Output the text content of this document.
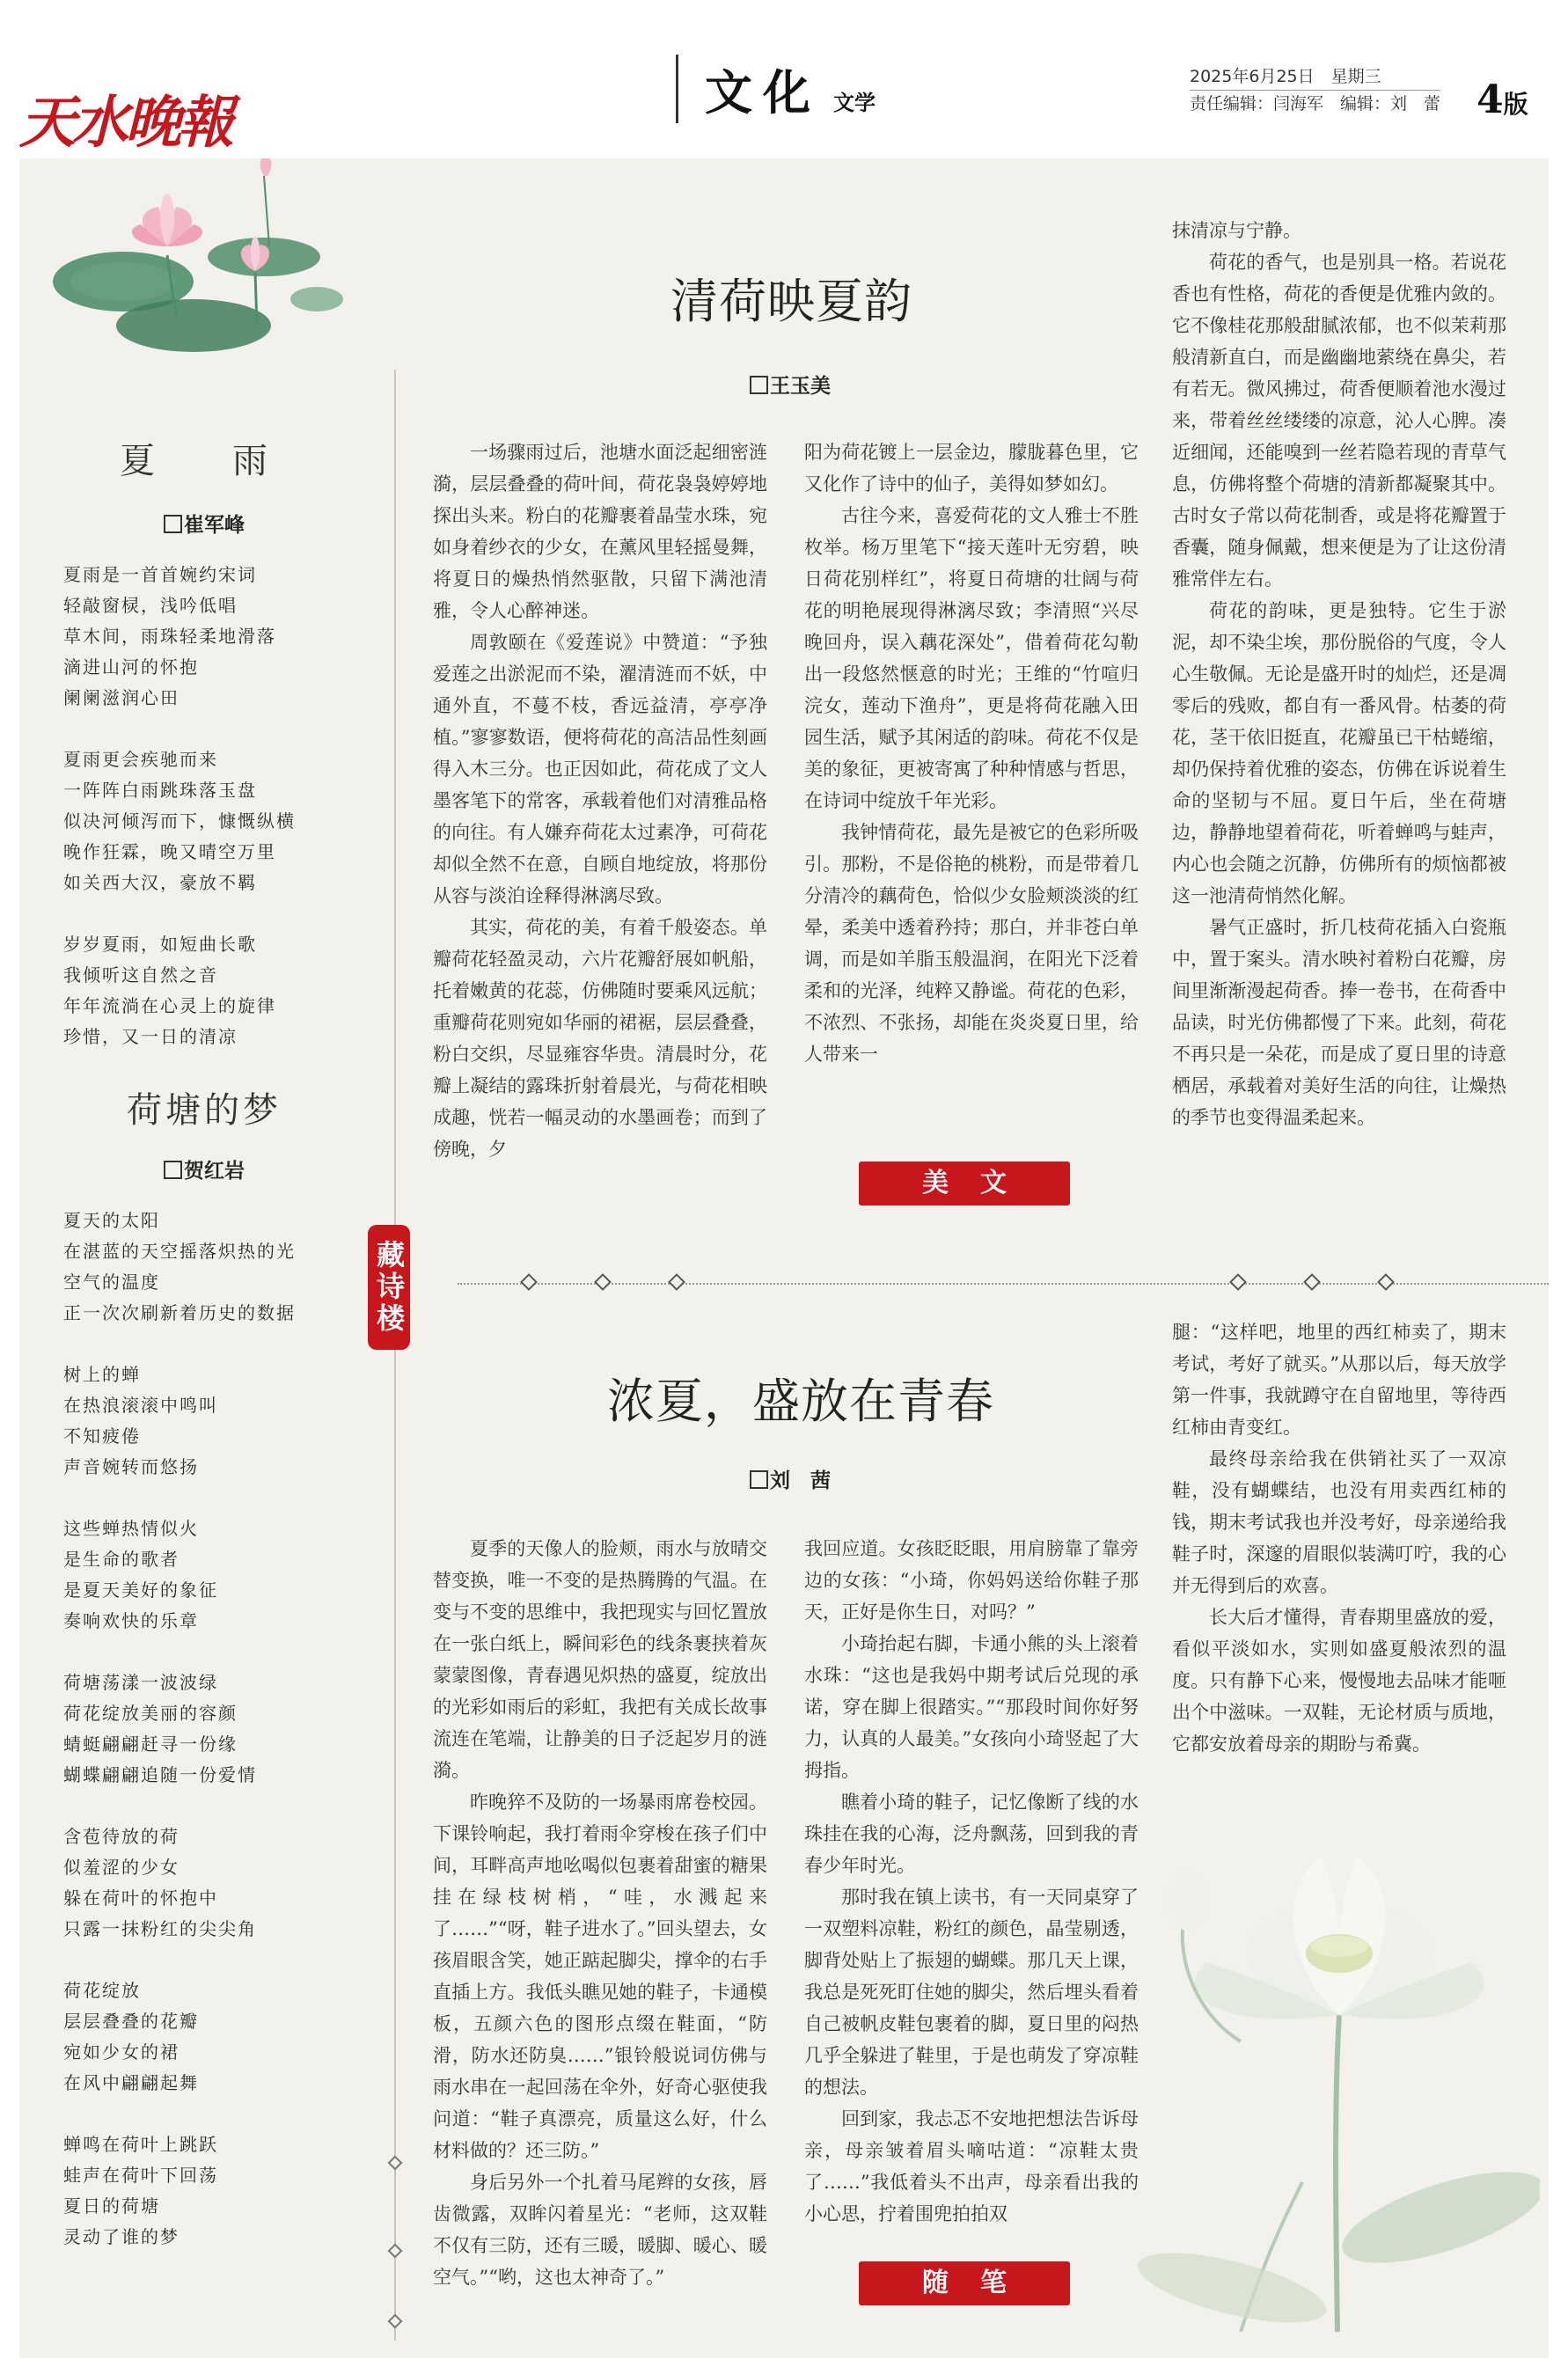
天水晚報	文化 文学
2025年6月25日　星期三
责任编辑：闫海军　编辑：刘　蕾 4版
夏　雨
崔军峰
夏雨是一首首婉约宋词
轻敲窗棂，浅吟低唱
草木间，雨珠轻柔地滑落
滴进山河的怀抱
阑阑滋润心田
夏雨更会疾驰而来
一阵阵白雨跳珠落玉盘
似决河倾泻而下，慷慨纵横
晚作狂霖，晚又晴空万里
如关西大汉，豪放不羁
岁岁夏雨，如短曲长歌
我倾听这自然之音
年年流淌在心灵上的旋律
珍惜，又一日的清凉
荷塘的梦
贺红岩
夏天的太阳
在湛蓝的天空摇落炽热的光
空气的温度
正一次次刷新着历史的数据
树上的蝉
在热浪滚滚中鸣叫
不知疲倦
声音婉转而悠扬
这些蝉热情似火
是生命的歌者
是夏天美好的象征
奏响欢快的乐章
荷塘荡漾一波波绿
荷花绽放美丽的容颜
蜻蜓翩翩赶寻一份缘
蝴蝶翩翩追随一份爱情
含苞待放的荷
似羞涩的少女
躲在荷叶的怀抱中
只露一抹粉红的尖尖角
荷花绽放
层层叠叠的花瓣
宛如少女的裙
在风中翩翩起舞
蝉鸣在荷叶上跳跃
蛙声在荷叶下回荡
夏日的荷塘
灵动了谁的梦
藏诗楼
清荷映夏韵
王玉美

一场骤雨过后，池塘水面泛起细密涟漪，层层叠叠的荷叶间，荷花袅袅婷婷地探出头来。粉白的花瓣裹着晶莹水珠，宛如身着纱衣的少女，在薰风里轻摇曼舞，将夏日的燥热悄然驱散，只留下满池清雅，令人心醉神迷。

周敦颐在《爱莲说》中赞道：“予独爱莲之出淤泥而不染，濯清涟而不妖，中通外直，不蔓不枝，香远益清，亭亭净植。”寥寥数语，便将荷花的高洁品性刻画得入木三分。也正因如此，荷花成了文人墨客笔下的常客，承载着他们对清雅品格的向往。有人嫌弃荷花太过素净，可荷花却似全然不在意，自顾自地绽放，将那份从容与淡泊诠释得淋漓尽致。

其实，荷花的美，有着千般姿态。单瓣荷花轻盈灵动，六片花瓣舒展如帆船，托着嫩黄的花蕊，仿佛随时要乘风远航；重瓣荷花则宛如华丽的裙裾，层层叠叠，粉白交织，尽显雍容华贵。清晨时分，花瓣上凝结的露珠折射着晨光，与荷花相映成趣，恍若一幅灵动的水墨画卷；而到了傍晚，夕

阳为荷花镀上一层金边，朦胧暮色里，它又化作了诗中的仙子，美得如梦如幻。

古往今来，喜爱荷花的文人雅士不胜枚举。杨万里笔下“接天莲叶无穷碧，映日荷花别样红”，将夏日荷塘的壮阔与荷花的明艳展现得淋漓尽致；李清照“兴尽晚回舟，误入藕花深处”，借着荷花勾勒出一段悠然惬意的时光；王维的“竹喧归浣女，莲动下渔舟”，更是将荷花融入田园生活，赋予其闲适的韵味。荷花不仅是美的象征，更被寄寓了种种情感与哲思，在诗词中绽放千年光彩。

我钟情荷花，最先是被它的色彩所吸引。那粉，不是俗艳的桃粉，而是带着几分清冷的藕荷色，恰似少女脸颊淡淡的红晕，柔美中透着矜持；那白，并非苍白单调，而是如羊脂玉般温润，在阳光下泛着柔和的光泽，纯粹又静谧。荷花的色彩，不浓烈、不张扬，却能在炎炎夏日里，给人带来一

抹清凉与宁静。

荷花的香气，也是别具一格。若说花香也有性格，荷花的香便是优雅内敛的。它不像桂花那般甜腻浓郁，也不似茉莉那般清新直白，而是幽幽地萦绕在鼻尖，若有若无。微风拂过，荷香便顺着池水漫过来，带着丝丝缕缕的凉意，沁人心脾。凑近细闻，还能嗅到一丝若隐若现的青草气息，仿佛将整个荷塘的清新都凝聚其中。古时女子常以荷花制香，或是将花瓣置于香囊，随身佩戴，想来便是为了让这份清雅常伴左右。

荷花的韵味，更是独特。它生于淤泥，却不染尘埃，那份脱俗的气度，令人心生敬佩。无论是盛开时的灿烂，还是凋零后的残败，都自有一番风骨。枯萎的荷花，茎干依旧挺直，花瓣虽已干枯蜷缩，却仍保持着优雅的姿态，仿佛在诉说着生命的坚韧与不屈。夏日午后，坐在荷塘边，静静地望着荷花，听着蝉鸣与蛙声，内心也会随之沉静，仿佛所有的烦恼都被这一池清荷悄然化解。

暑气正盛时，折几枝荷花插入白瓷瓶中，置于案头。清水映衬着粉白花瓣，房间里渐渐漫起荷香。捧一卷书，在荷香中品读，时光仿佛都慢了下来。此刻，荷花不再只是一朵花，而是成了夏日里的诗意栖居，承载着对美好生活的向往，让燥热的季节也变得温柔起来。

美文
浓夏，盛放在青春
刘　茜

夏季的天像人的脸颊，雨水与放晴交替变换，唯一不变的是热腾腾的气温。在变与不变的思维中，我把现实与回忆置放在一张白纸上，瞬间彩色的线条裹挟着灰蒙蒙图像，青春遇见炽热的盛夏，绽放出的光彩如雨后的彩虹，我把有关成长故事流连在笔端，让静美的日子泛起岁月的涟漪。

昨晚猝不及防的一场暴雨席卷校园。下课铃响起，我打着雨伞穿梭在孩子们中间，耳畔高声地吆喝似包裹着甜蜜的糖果挂在绿枝树梢，“哇，水溅起来了……”“呀，鞋子进水了。”回头望去，女孩眉眼含笑，她正踮起脚尖，撑伞的右手直插上方。我低头瞧见她的鞋子，卡通模板，五颜六色的图形点缀在鞋面，“防滑，防水还防臭……”银铃般说词仿佛与雨水串在一起回荡在伞外，好奇心驱使我问道：“鞋子真漂亮，质量这么好，什么材料做的？还三防。”

身后另外一个扎着马尾辫的女孩，唇齿微露，双眸闪着星光：“老师，这双鞋不仅有三防，还有三暖，暖脚、暖心、暖空气。”“哟，这也太神奇了。”

我回应道。女孩眨眨眼，用肩膀靠了靠旁边的女孩：“小琦，你妈妈送给你鞋子那天，正好是你生日，对吗？”

小琦抬起右脚，卡通小熊的头上滚着水珠：“这也是我妈中期考试后兑现的承诺，穿在脚上很踏实。”“那段时间你好努力，认真的人最美。”女孩向小琦竖起了大拇指。

瞧着小琦的鞋子，记忆像断了线的水珠挂在我的心海，泛舟飘荡，回到我的青春少年时光。

那时我在镇上读书，有一天同桌穿了一双塑料凉鞋，粉红的颜色，晶莹剔透，脚背处贴上了振翅的蝴蝶。那几天上课，我总是死死盯住她的脚尖，然后埋头看着自己被帆皮鞋包裹着的脚，夏日里的闷热几乎全躲进了鞋里，于是也萌发了穿凉鞋的想法。

回到家，我忐忑不安地把想法告诉母亲，母亲皱着眉头嘀咕道：“凉鞋太贵了……”我低着头不出声，母亲看出我的小心思，拧着围兜拍拍双

腿：“这样吧，地里的西红柿卖了，期末考试，考好了就买。”从那以后，每天放学第一件事，我就蹲守在自留地里，等待西红柿由青变红。

最终母亲给我在供销社买了一双凉鞋，没有蝴蝶结，也没有用卖西红柿的钱，期末考试我也并没考好，母亲递给我鞋子时，深邃的眉眼似装满叮咛，我的心并无得到后的欢喜。

长大后才懂得，青春期里盛放的爱，看似平淡如水，实则如盛夏般浓烈的温度。只有静下心来，慢慢地去品味才能咂出个中滋味。一双鞋，无论材质与质地，它都安放着母亲的期盼与希冀。

随笔
